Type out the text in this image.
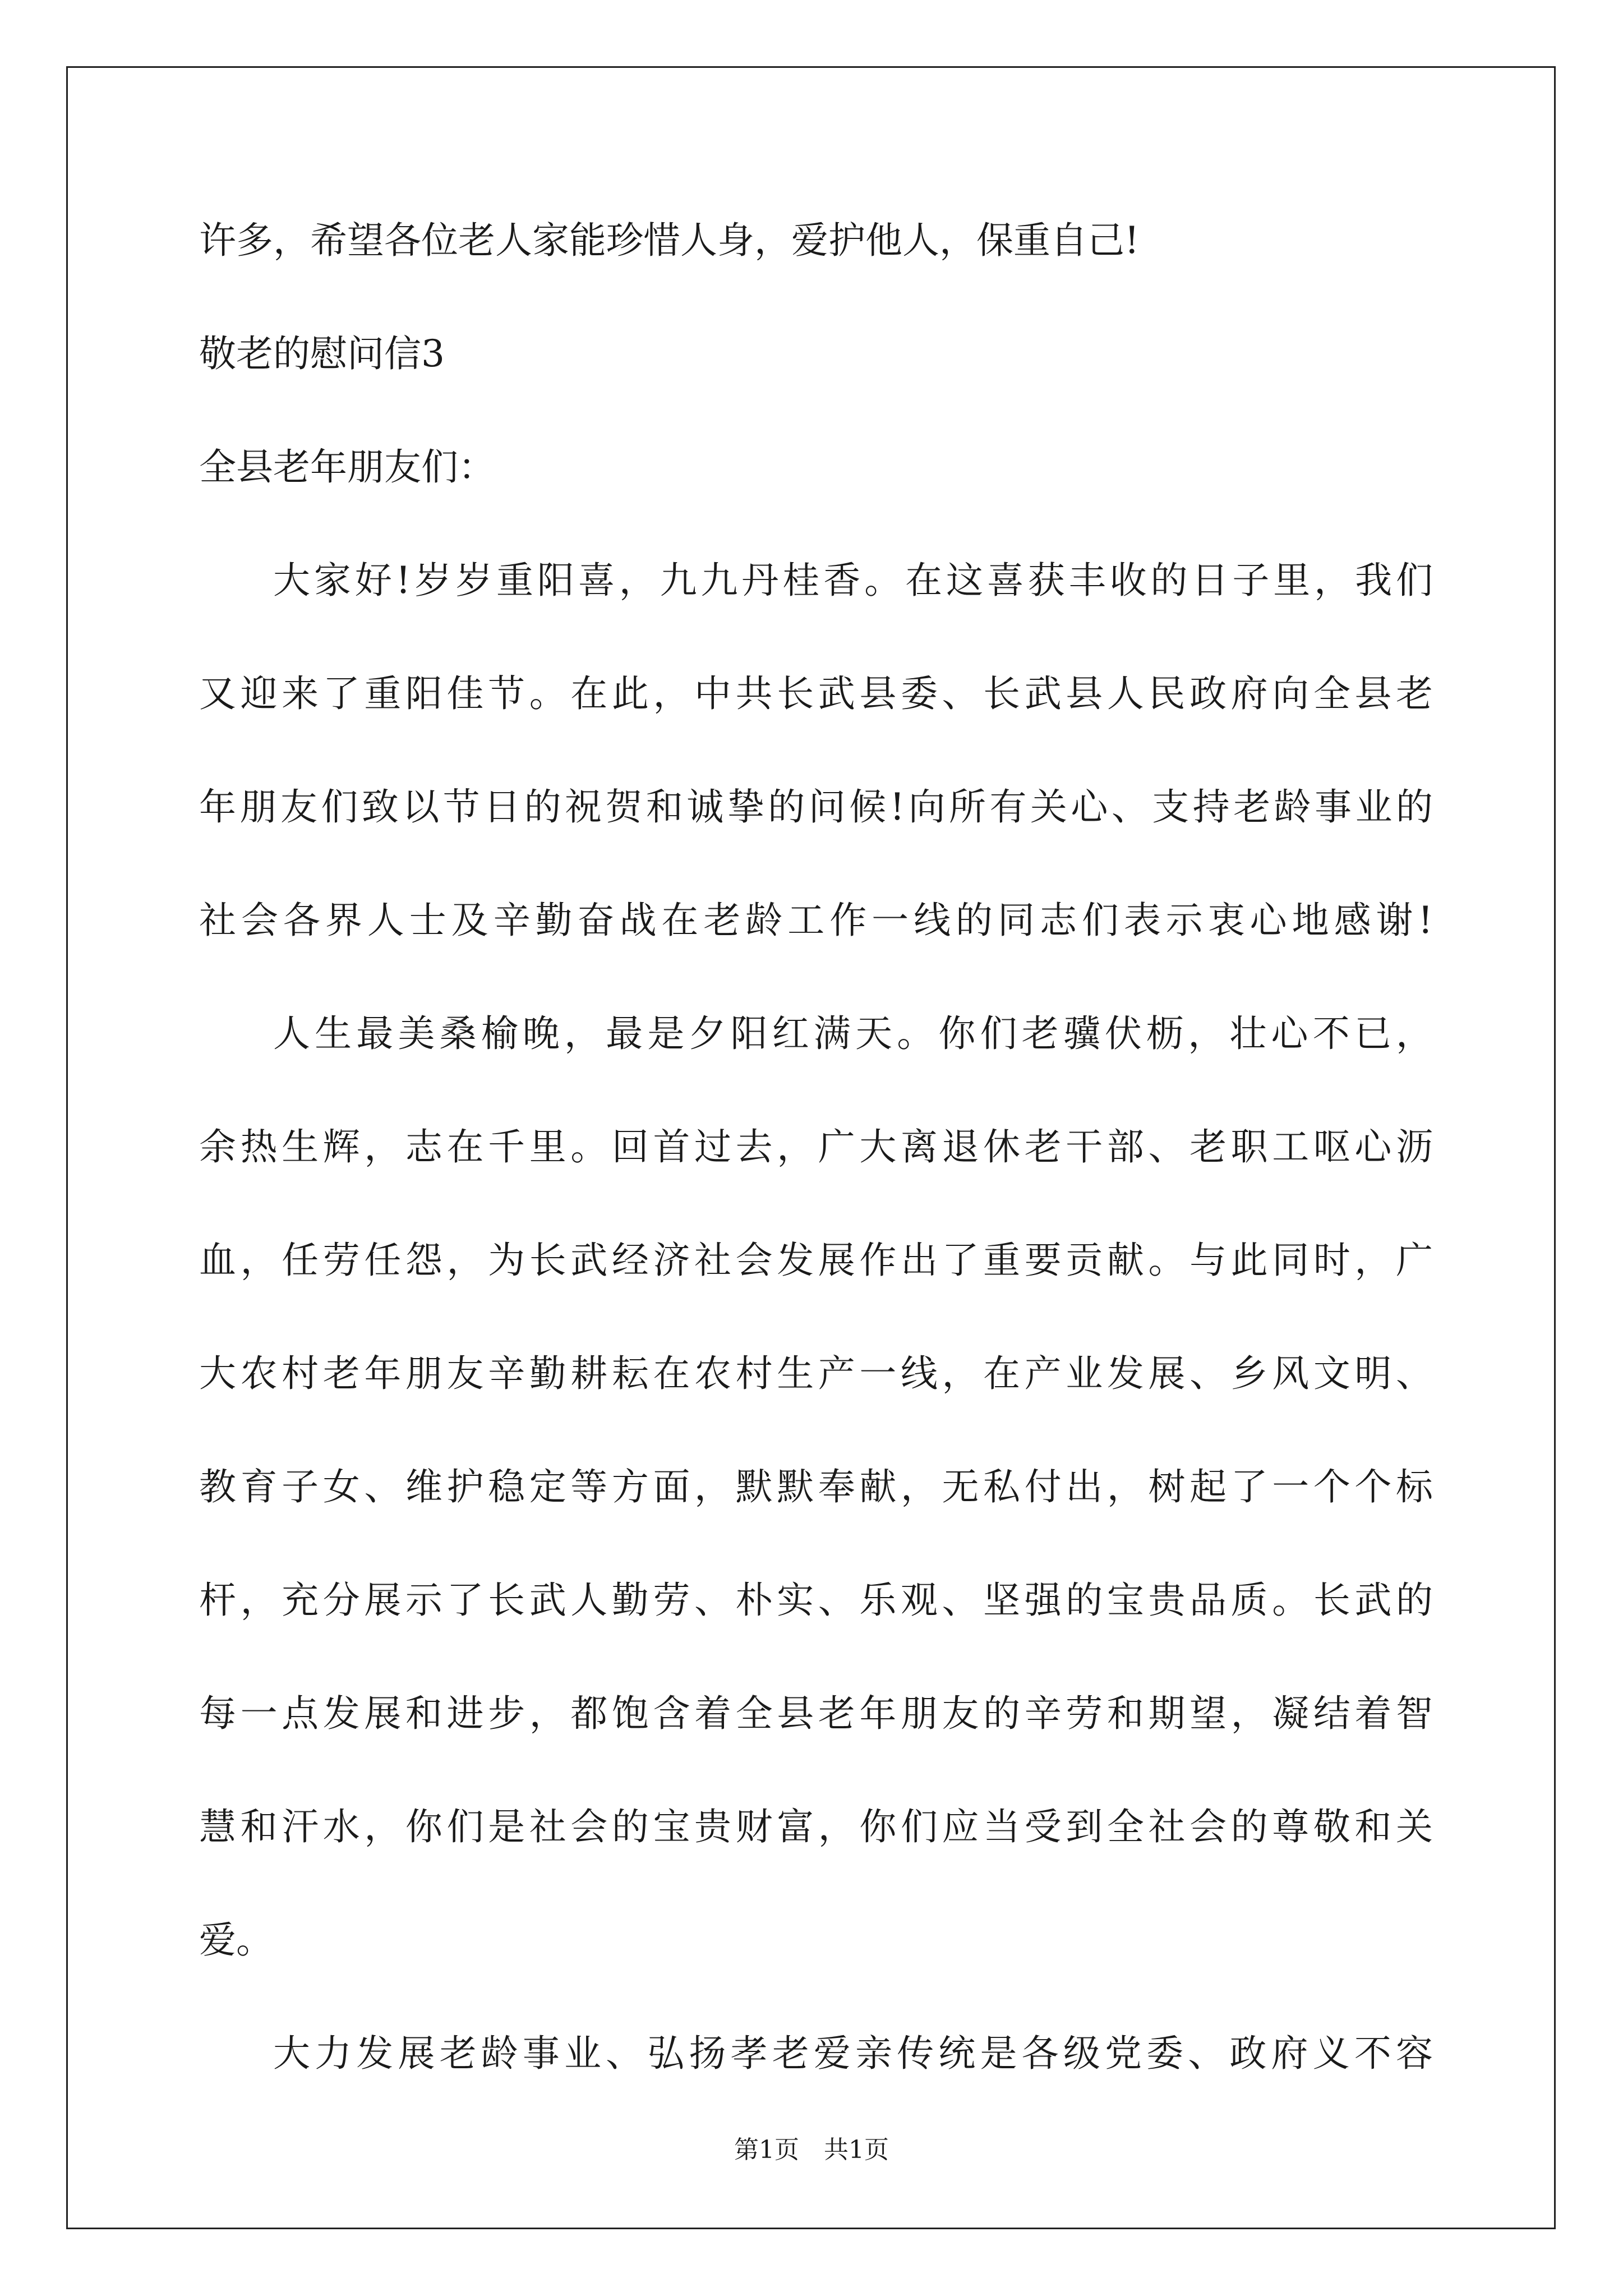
许多，希望各位老人家能珍惜人身，爱护他人，保重自己!
敬老的慰问信3
全县老年朋友们：
大家好!岁岁重阳喜，九九丹桂香。在这喜获丰收的日子里，我们
又迎来了重阳佳节。在此，中共长武县委、长武县人民政府向全县老
年朋友们致以节日的祝贺和诚挚的问候!向所有关心、支持老龄事业的
社会各界人士及辛勤奋战在老龄工作一线的同志们表示衷心地感谢!
人生最美桑榆晚，最是夕阳红满天。你们老骥伏枥，壮心不已，
余热生辉，志在千里。回首过去，广大离退休老干部、老职工呕心沥
血，任劳任怨，为长武经济社会发展作出了重要贡献。与此同时，广
大农村老年朋友辛勤耕耘在农村生产一线，在产业发展、乡风文明、
教育子女、维护稳定等方面，默默奉献，无私付出，树起了一个个标
杆，充分展示了长武人勤劳、朴实、乐观、坚强的宝贵品质。长武的
每一点发展和进步，都饱含着全县老年朋友的辛劳和期望，凝结着智
慧和汗水，你们是社会的宝贵财富，你们应当受到全社会的尊敬和关
爱。
大力发展老龄事业、弘扬孝老爱亲传统是各级党委、政府义不容
第1页　共1页
